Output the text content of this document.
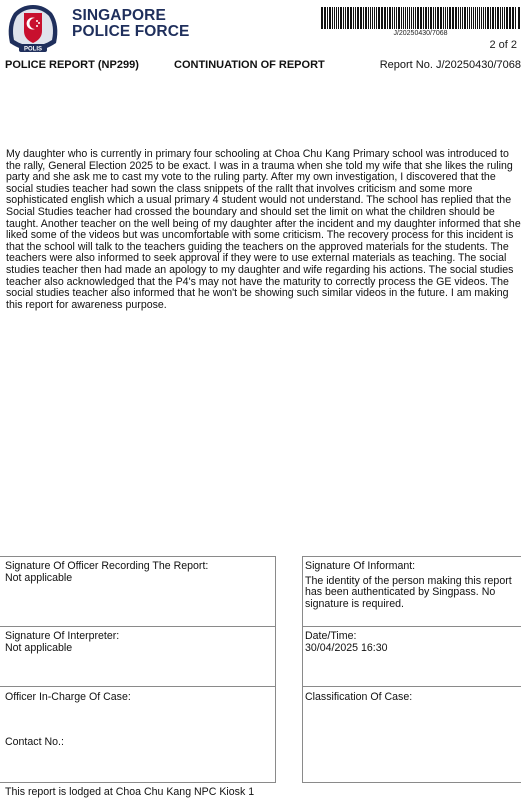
POLIS
SINGAPORE
POLICE FORCE	J/20250430/7068
2 of 2
POLICE REPORT (NP299)	CONTINUATION OF REPORT	Report No. J/20250430/7068

My daughter who is currently in primary four schooling at Choa Chu Kang Primary school was introduced to the rally, General Election 2025 to be exact. I was in a trauma when she told my wife that she likes the ruling party and she ask me to cast my vote to the ruling party. After my own investigation, I discovered that the social studies teacher had sown the class snippets of the rallt that involves criticism and some more sophisticated english which a usual primary 4 student would not understand. The school has replied that the Social Studies teacher had crossed the boundary and should set the limit on what the children should be taught. Another teacher on the well being of my daughter after the incident and my daughter informed that she liked some of the videos but was uncomfortable with some criticism. The recovery process for this incident is that the school will talk to the teachers guiding the teachers on the approved materials for the students. The teachers were also informed to seek approval if they were to use external materials as teaching. The social studies teacher then had made an apology to my daughter and wife regarding his actions. The social studies teacher also acknowledged that the P4's may not have the maturity to correctly process the GE videos. The social studies teacher also informed that he won't be showing such similar videos in the future. I am making this report for awareness purpose.

Signature Of Officer Recording The Report:
Not applicable
Signature Of Informant:
The identity of the person making this report has been authenticated by Singpass. No signature is required.
Signature Of Interpreter:
Not applicable
Date/Time:
30/04/2025 16:30
Officer In-Charge Of Case:	Classification Of Case:
Contact No.:
This report is lodged at Choa Chu Kang NPC Kiosk 1
